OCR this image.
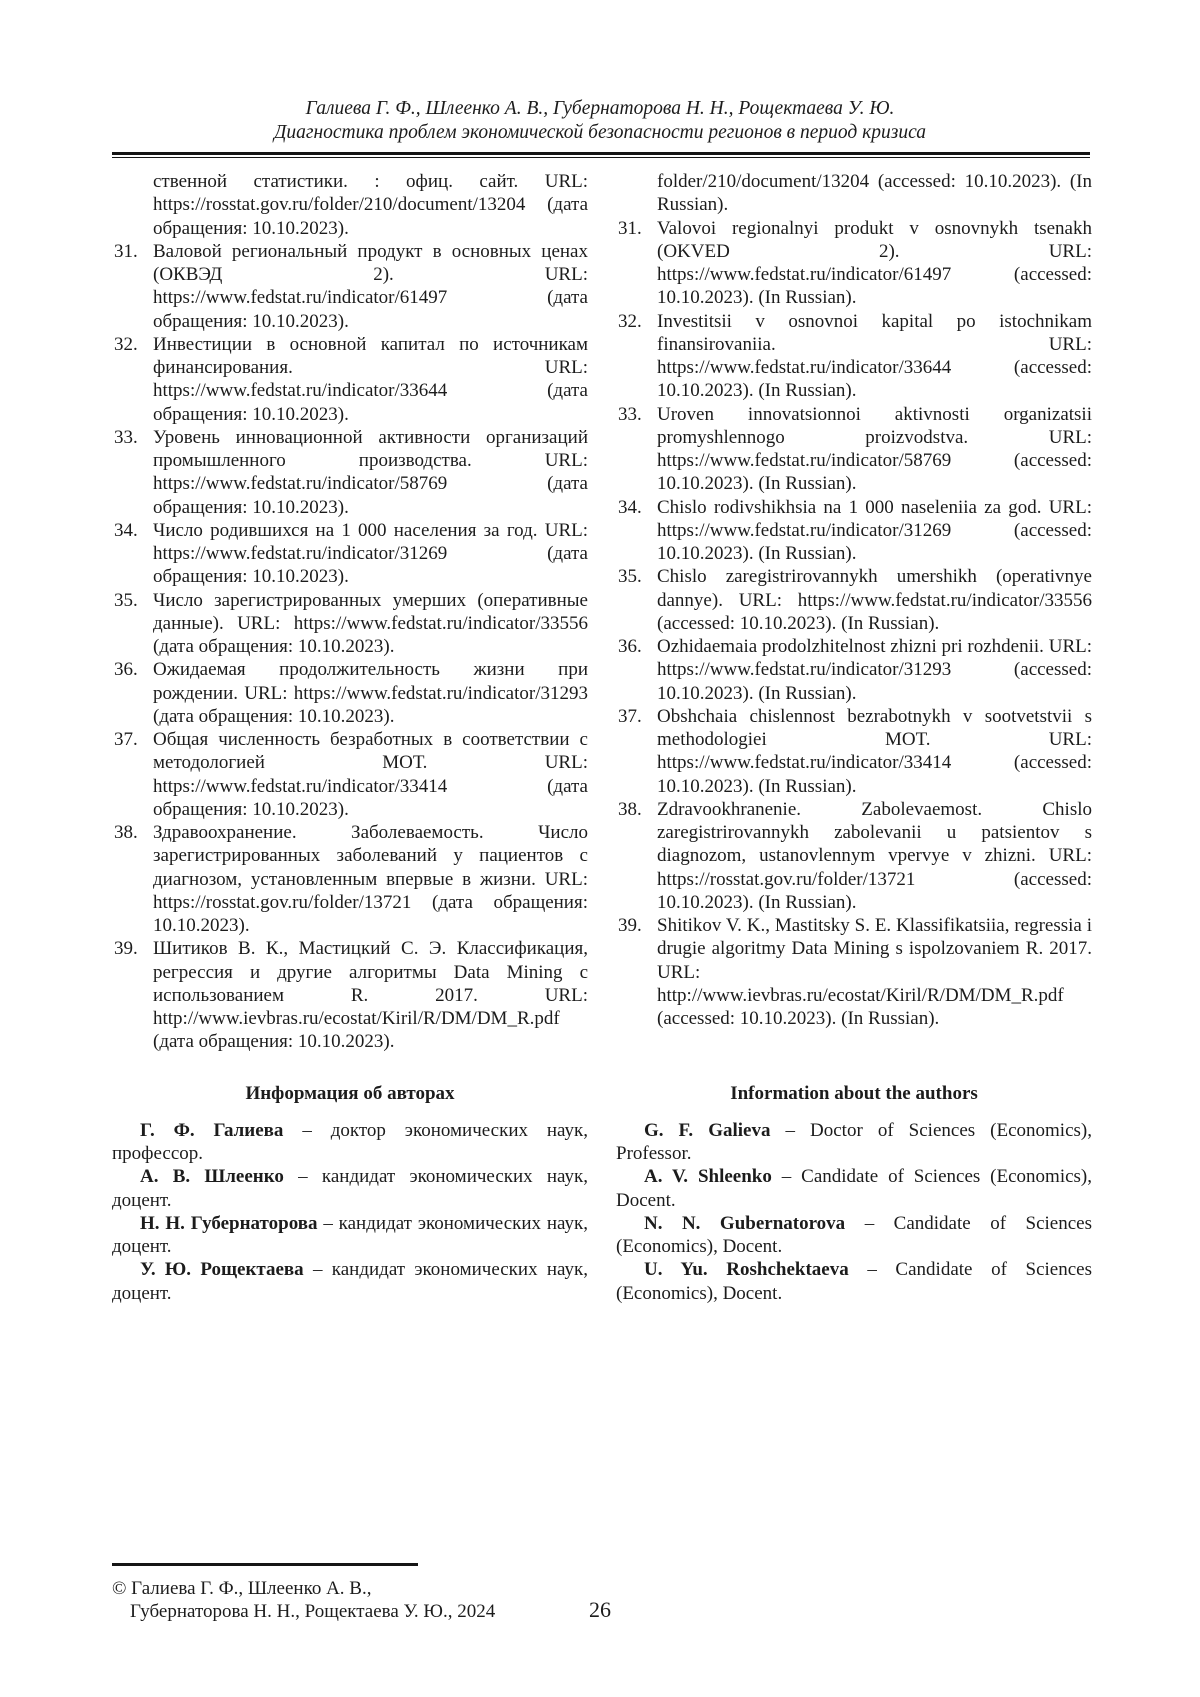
Галиева Г. Ф., Шлеенко А. В., Губернаторова Н. Н., Рощектаева У. Ю.
Диагностика проблем экономической безопасности регионов в период кризиса
ственной статистики. : офиц. сайт. URL: https://rosstat.gov.ru/folder/210/document/13204 (дата обращения: 10.10.2023).
31. Валовой региональный продукт в основных ценах (ОКВЭД 2). URL: https://www.fedstat.ru/indicator/61497 (дата обращения: 10.10.2023).
32. Инвестиции в основной капитал по источникам финансирования. URL: https://www.fedstat.ru/indicator/33644 (дата обращения: 10.10.2023).
33. Уровень инновационной активности организаций промышленного производства. URL: https://www.fedstat.ru/indicator/58769 (дата обращения: 10.10.2023).
34. Число родившихся на 1 000 населения за год. URL: https://www.fedstat.ru/indicator/31269 (дата обращения: 10.10.2023).
35. Число зарегистрированных умерших (оперативные данные). URL: https://www.fedstat.ru/indicator/33556 (дата обращения: 10.10.2023).
36. Ожидаемая продолжительность жизни при рождении. URL: https://www.fedstat.ru/indicator/31293 (дата обращения: 10.10.2023).
37. Общая численность безработных в соответствии с методологией МОТ. URL: https://www.fedstat.ru/indicator/33414 (дата обращения: 10.10.2023).
38. Здравоохранение. Заболеваемость. Число зарегистрированных заболеваний у пациентов с диагнозом, установленным впервые в жизни. URL: https://rosstat.gov.ru/folder/13721 (дата обращения: 10.10.2023).
39. Шитиков В. К., Мастицкий С. Э. Классификация, регрессия и другие алгоритмы Data Mining с использованием R. 2017. URL: http://www.ievbras.ru/ecostat/Kiril/R/DM/DM_R.pdf (дата обращения: 10.10.2023).
folder/210/document/13204 (accessed: 10.10.2023). (In Russian).
31. Valovoi regionalnyi produkt v osnovnykh tsenakh (OKVED 2). URL: https://www.fedstat.ru/indicator/61497 (accessed: 10.10.2023). (In Russian).
32. Investitsii v osnovnoi kapital po istochnikam finansirovaniia. URL: https://www.fedstat.ru/indicator/33644 (accessed: 10.10.2023). (In Russian).
33. Uroven innovatsionnoi aktivnosti organizatsii promyshlennogo proizvodstva. URL: https://www.fedstat.ru/indicator/58769 (accessed: 10.10.2023). (In Russian).
34. Chislo rodivshikhsia na 1 000 naseleniia za god. URL: https://www.fedstat.ru/indicator/31269 (accessed: 10.10.2023). (In Russian).
35. Chislo zaregistrirovannykh umershikh (operativnye dannye). URL: https://www.fedstat.ru/indicator/33556 (accessed: 10.10.2023). (In Russian).
36. Ozhidaemaia prodolzhitelnost zhizni pri rozhdenii. URL: https://www.fedstat.ru/indicator/31293 (accessed: 10.10.2023). (In Russian).
37. Obshchaia chislennost bezrabotnykh v sootvetstvii s methodologiei MOT. URL: https://www.fedstat.ru/indicator/33414 (accessed: 10.10.2023). (In Russian).
38. Zdravookhranenie. Zabolevaemost. Chislo zaregistrirovannykh zabolevanii u patsientov s diagnozom, ustanovlennym vpervye v zhizni. URL: https://rosstat.gov.ru/folder/13721 (accessed: 10.10.2023). (In Russian).
39. Shitikov V. K., Mastitsky S. E. Klassifikatsiia, regressia i drugie algoritmy Data Mining s ispolzovaniem R. 2017. URL: http://www.ievbras.ru/ecostat/Kiril/R/DM/DM_R.pdf (accessed: 10.10.2023). (In Russian).
Информация об авторах

Г. Ф. Галиева – доктор экономических наук, профессор.

А. В. Шлеенко – кандидат экономических наук, доцент.

Н. Н. Губернаторова – кандидат экономических наук, доцент.

У. Ю. Рощектаева – кандидат экономических наук, доцент.

Information about the authors

G. F. Galieva – Doctor of Sciences (Economics), Professor.

A. V. Shleenko – Candidate of Sciences (Economics), Docent.

N. N. Gubernatorova – Candidate of Sciences (Economics), Docent.

U. Yu. Roshchektaeva – Candidate of Sciences (Economics), Docent.

© Галиева Г. Ф., Шлеенко А. В.,
Губернаторова Н. Н., Рощектаева У. Ю., 2024	26
